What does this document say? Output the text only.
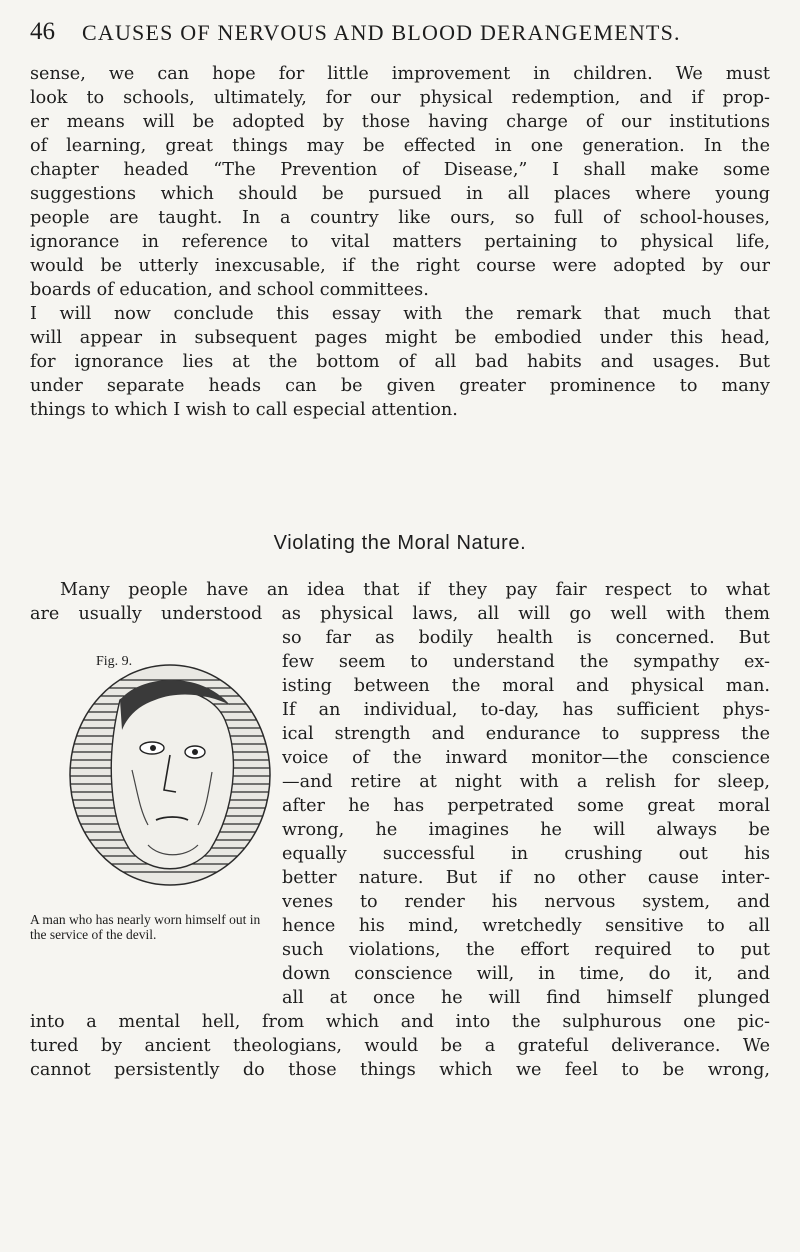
46 CAUSES OF NERVOUS AND BLOOD DERANGEMENTS.
sense, we can hope for little improvement in children. We must
look to schools, ultimately, for our physical redemption, and if prop-
er means will be adopted by those having charge of our institutions
of learning, great things may be effected in one generation. In the
chapter headed “The Prevention of Disease,” I shall make some
suggestions which should be pursued in all places where young
people are taught. In a country like ours, so full of school-houses,
ignorance in reference to vital matters pertaining to physical life,
would be utterly inexcusable, if the right course were adopted by our
boards of education, and school committees.
I will now conclude this essay with the remark that much that
will appear in subsequent pages might be embodied under this head,
for ignorance lies at the bottom of all bad habits and usages. But
under separate heads can be given greater prominence to many
things to which I wish to call especial attention.
Violating the Moral Nature.
Many people have an idea that if they pay fair respect to what
are usually understood as physical laws, all will go well with them
so far as bodily health is concerned. But
few seem to understand the sympathy ex-
isting between the moral and physical man.
If an individual, to-day, has sufficient phys-
ical strength and endurance to suppress the
voice of the inward monitor—the conscience
—and retire at night with a relish for sleep,
after he has perpetrated some great moral
wrong, he imagines he will always be
equally successful in crushing out his
better nature. But if no other cause inter-
venes to render his nervous system, and
hence his mind, wretchedly sensitive to all
such violations, the effort required to put
down conscience will, in time, do it, and
all at once he will find himself plunged
into a mental hell, from which and into the sulphurous one pic-
tured by ancient theologians, would be a grateful deliverance. We
cannot persistently do those things which we feel to be wrong,
Fig. 9.
A man who has nearly worn himself out in the service of the devil.
